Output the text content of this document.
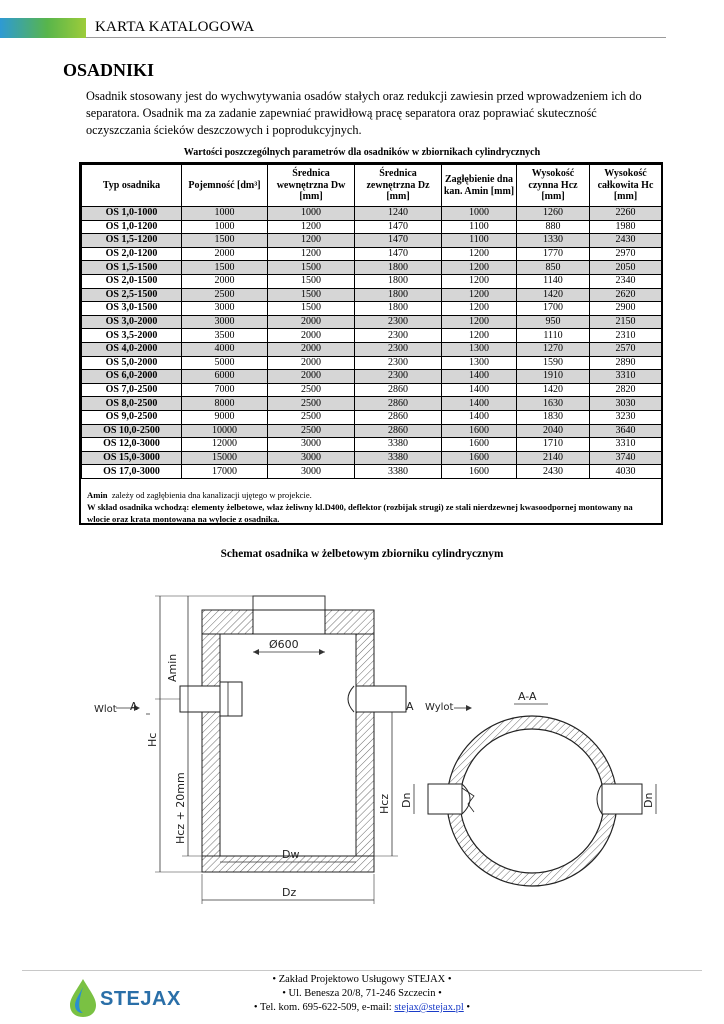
KARTA KATALOGOWA
OSADNIKI
Osadnik stosowany jest do wychwytywania osadów stałych oraz redukcji zawiesin przed wprowadzeniem ich do separatora. Osadnik ma za zadanie zapewniać prawidłową pracę separatora oraz poprawiać skuteczność oczyszczania ścieków deszczowych i poprodukcyjnych.
Wartości poszczególnych parametrów dla osadników w zbiornikach cylindrycznych
Typ osadnika	Pojemność [dm³]	Średnica wewnętrzna Dw [mm]	Średnica zewnętrzna Dz [mm]	Zagłębienie dna kan. Amin [mm]	Wysokość czynna Hcz [mm]	Wysokość całkowita Hc [mm]
OS 1,0-1000	1000	1000	1240	1000	1260	2260
OS 1,0-1200	1000	1200	1470	1100	880	1980
OS 1,5-1200	1500	1200	1470	1100	1330	2430
OS 2,0-1200	2000	1200	1470	1200	1770	2970
OS 1,5-1500	1500	1500	1800	1200	850	2050
OS 2,0-1500	2000	1500	1800	1200	1140	2340
OS 2,5-1500	2500	1500	1800	1200	1420	2620
OS 3,0-1500	3000	1500	1800	1200	1700	2900
OS 3,0-2000	3000	2000	2300	1200	950	2150
OS 3,5-2000	3500	2000	2300	1200	1110	2310
OS 4,0-2000	4000	2000	2300	1300	1270	2570
OS 5,0-2000	5000	2000	2300	1300	1590	2890
OS 6,0-2000	6000	2000	2300	1400	1910	3310
OS 7,0-2500	7000	2500	2860	1400	1420	2820
OS 8,0-2500	8000	2500	2860	1400	1630	3030
OS 9,0-2500	9000	2500	2860	1400	1830	3230
OS 10,0-2500	10000	2500	2860	1600	2040	3640
OS 12,0-3000	12000	3000	3380	1600	1710	3310
OS 15,0-3000	15000	3000	3380	1600	2140	3740
OS 17,0-3000	17000	3000	3380	1600	2430	4030
Amin zależy od zagłębienia dna kanalizacji ujętego w projekcie.
W skład osadnika wchodzą: elementy żelbetowe, właz żeliwny kl.D400, deflektor (rozbijak strugi) ze stali nierdzewnej kwasoodpornej montowany na wlocie oraz krata montowana na wylocie z osadnika.
Schemat osadnika w żelbetowym zbiorniku cylindrycznym
Ø600
Amin
Hc
Hcz + 20mm	Hcz
Dw
Dz
Wlot A	A Wylot
A-A
Dn	Dn
STEJAX
• Zakład Projektowo Usługowy STEJAX •
• Ul. Benesza 20/8, 71-246 Szczecin •
• Tel. kom. 695-622-509, e-mail: stejax@stejax.pl •
